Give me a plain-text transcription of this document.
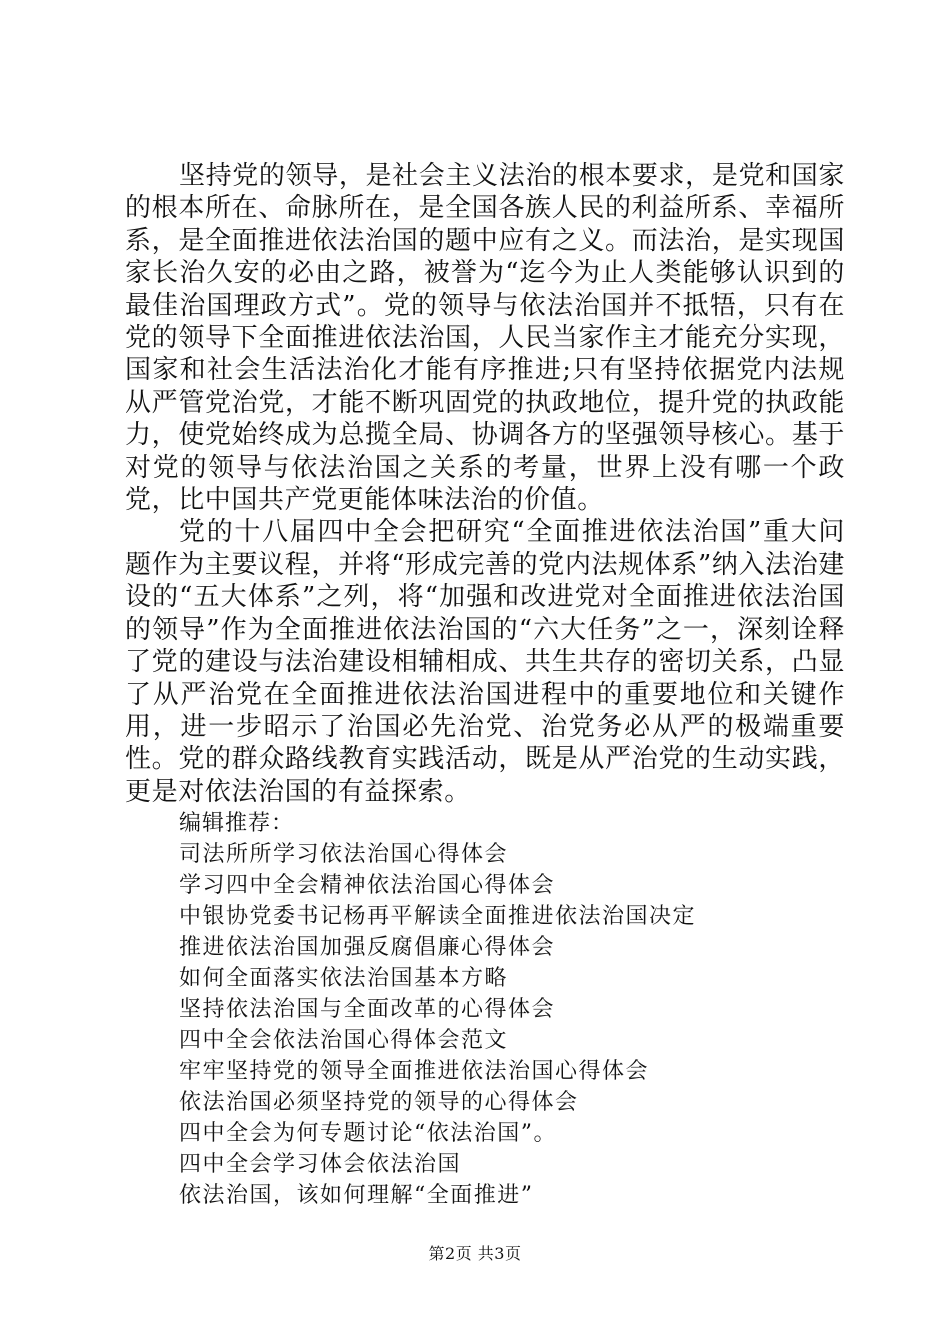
坚持党的领导，是社会主义法治的根本要求，是党和国家的根本所在、命脉所在，是全国各族人民的利益所系、幸福所系，是全面推进依法治国的题中应有之义。而法治，是实现国家长治久安的必由之路，被誉为“迄今为止人类能够认识到的最佳治国理政方式”。党的领导与依法治国并不抵牾，只有在党的领导下全面推进依法治国，人民当家作主才能充分实现，国家和社会生活法治化才能有序推进;只有坚持依据党内法规从严管党治党，才能不断巩固党的执政地位，提升党的执政能力，使党始终成为总揽全局、协调各方的坚强领导核心。基于对党的领导与依法治国之关系的考量，世界上没有哪一个政党，比中国共产党更能体味法治的价值。

党的十八届四中全会把研究“全面推进依法治国”重大问题作为主要议程，并将“形成完善的党内法规体系”纳入法治建设的“五大体系”之列，将“加强和改进党对全面推进依法治国的领导”作为全面推进依法治国的“六大任务”之一，深刻诠释了党的建设与法治建设相辅相成、共生共存的密切关系，凸显了从严治党在全面推进依法治国进程中的重要地位和关键作用，进一步昭示了治国必先治党、治党务必从严的极端重要性。党的群众路线教育实践活动，既是从严治党的生动实践，更是对依法治国的有益探索。

编辑推荐：

司法所所学习依法治国心得体会
学习四中全会精神依法治国心得体会
中银协党委书记杨再平解读全面推进依法治国决定
推进依法治国加强反腐倡廉心得体会
如何全面落实依法治国基本方略
坚持依法治国与全面改革的心得体会
四中全会依法治国心得体会范文
牢牢坚持党的领导全面推进依法治国心得体会
依法治国必须坚持党的领导的心得体会
四中全会为何专题讨论“依法治国”。
四中全会学习体会依法治国
依法治国，该如何理解“全面推进”
第2页 共3页
